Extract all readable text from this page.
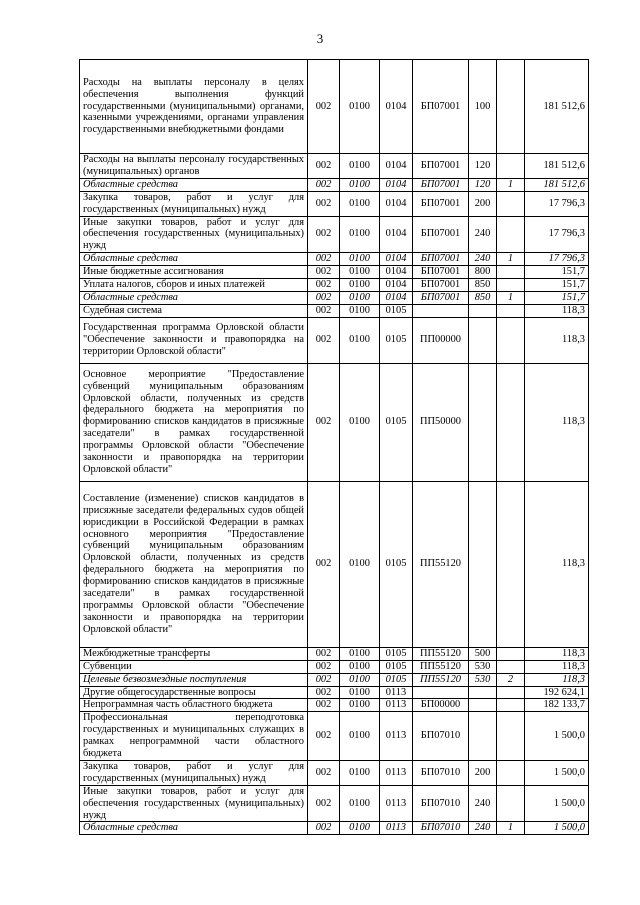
3
Расходы на выплаты персоналу в целях обеспечения выполнения функций государственными (муниципальными) органами, казенными учреждениями, органами управления государственными внебюджетными фондами	002	0100	0104	БП07001	100		181 512,6
Расходы на выплаты персоналу государственных (муниципальных) органов	002	0100	0104	БП07001	120		181 512,6
Областные средства	002	0100	0104	БП07001	120	1	181 512,6
Закупка товаров, работ и услуг для государственных (муниципальных) нужд	002	0100	0104	БП07001	200		17 796,3
Иные закупки товаров, работ и услуг для обеспечения государственных (муниципальных) нужд	002	0100	0104	БП07001	240		17 796,3
Областные средства	002	0100	0104	БП07001	240	1	17 796,3
Иные бюджетные ассигнования	002	0100	0104	БП07001	800		151,7
Уплата налогов, сборов и иных платежей	002	0100	0104	БП07001	850		151,7
Областные средства	002	0100	0104	БП07001	850	1	151,7
Судебная система	002	0100	0105				118,3
Государственная программа Орловской области "Обеспечение законности и правопорядка на территории Орловской области"	002	0100	0105	ПП00000			118,3
Основное мероприятие "Предоставление субвенций муниципальным образованиям Орловской области, полученных из средств федерального бюджета на мероприятия по формированию списков кандидатов в присяжные заседатели" в рамках государственной программы Орловской области "Обеспечение законности и правопорядка на территории Орловской области"	002	0100	0105	ПП50000			118,3
Составление (изменение) списков кандидатов в присяжные заседатели федеральных судов общей юрисдикции в Российской Федерации в рамках основного мероприятия "Предоставление субвенций муниципальным образованиям Орловской области, полученных из средств федерального бюджета на мероприятия по формированию списков кандидатов в присяжные заседатели" в рамках государственной программы Орловской области "Обеспечение законности и правопорядка на территории Орловской области"	002	0100	0105	ПП55120			118,3
Межбюджетные трансферты	002	0100	0105	ПП55120	500		118,3
Субвенции	002	0100	0105	ПП55120	530		118,3
Целевые безвозмездные поступления	002	0100	0105	ПП55120	530	2	118,3
Другие общегосударственные вопросы	002	0100	0113				192 624,1
Непрограммная часть областного бюджета	002	0100	0113	БП00000			182 133,7
Профессиональная переподготовка государственных и муниципальных служащих в рамках непрограммной части областного бюджета	002	0100	0113	БП07010			1 500,0
Закупка товаров, работ и услуг для государственных (муниципальных) нужд	002	0100	0113	БП07010	200		1 500,0
Иные закупки товаров, работ и услуг для обеспечения государственных (муниципальных) нужд	002	0100	0113	БП07010	240		1 500,0
Областные средства	002	0100	0113	БП07010	240	1	1 500,0
